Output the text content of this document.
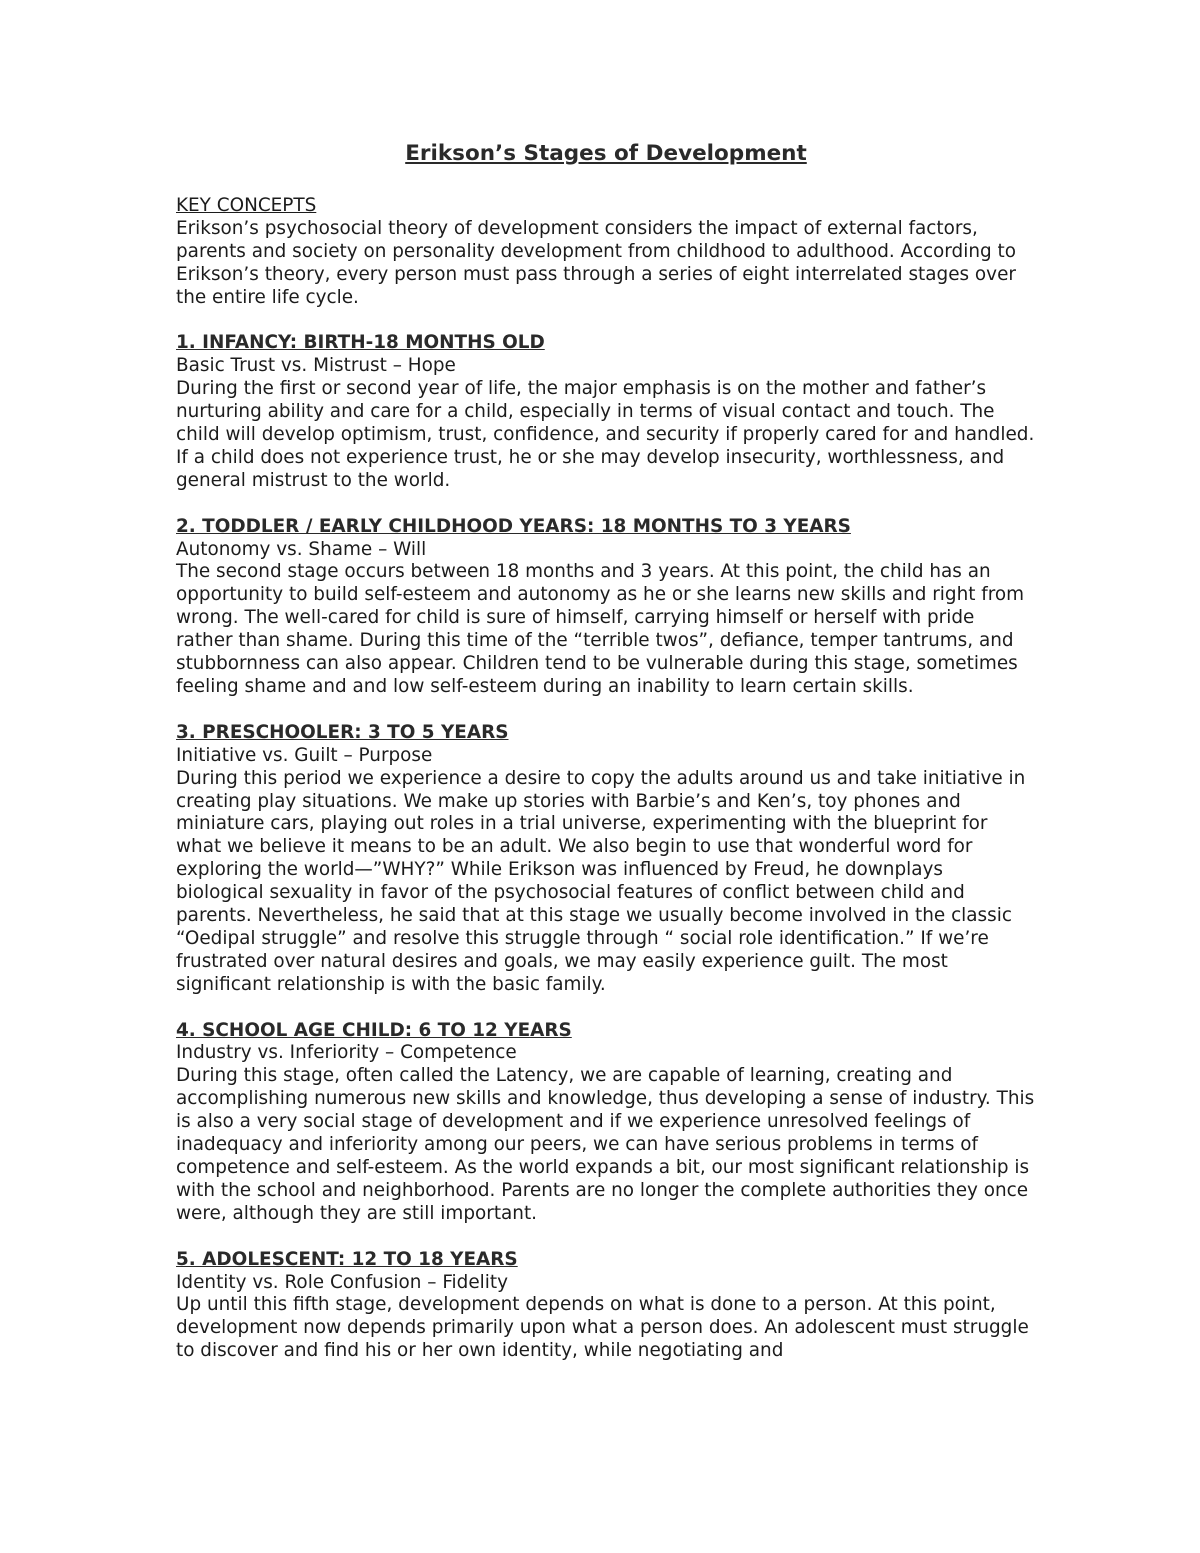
Erikson’s Stages of Development
KEY CONCEPTS

Erikson’s psychosocial theory of development considers the impact of external factors, parents and society on personality development from childhood to adulthood. According to Erikson’s theory, every person must pass through a series of eight interrelated stages over the entire life cycle.

1. INFANCY: BIRTH-18 MONTHS OLD
Basic Trust vs. Mistrust – Hope

During the first or second year of life, the major emphasis is on the mother and father’s nurturing ability and care for a child, especially in terms of visual contact and touch. The child will develop optimism, trust, confidence, and security if properly cared for and handled. If a child does not experience trust, he or she may develop insecurity, worthlessness, and general mistrust to the world.

2. TODDLER / EARLY CHILDHOOD YEARS: 18 MONTHS TO 3 YEARS
Autonomy vs. Shame – Will

The second stage occurs between 18 months and 3 years. At this point, the child has an opportunity to build self-esteem and autonomy as he or she learns new skills and right from wrong. The well-cared for child is sure of himself, carrying himself or herself with pride rather than shame. During this time of the “terrible twos”, defiance, temper tantrums, and stubbornness can also appear. Children tend to be vulnerable during this stage, sometimes feeling shame and and low self-esteem during an inability to learn certain skills.

3. PRESCHOOLER: 3 TO 5 YEARS
Initiative vs. Guilt – Purpose

During this period we experience a desire to copy the adults around us and take initiative in creating play situations. We make up stories with Barbie’s and Ken’s, toy phones and miniature cars, playing out roles in a trial universe, experimenting with the blueprint for what we believe it means to be an adult. We also begin to use that wonderful word for exploring the world—”WHY?” While Erikson was influenced by Freud, he downplays biological sexuality in favor of the psychosocial features of conflict between child and parents. Nevertheless, he said that at this stage we usually become involved in the classic “Oedipal struggle” and resolve this struggle through “ social role identification.” If we’re frustrated over natural desires and goals, we may easily experience guilt. The most significant relationship is with the basic family.

4. SCHOOL AGE CHILD: 6 TO 12 YEARS
Industry vs. Inferiority – Competence

During this stage, often called the Latency, we are capable of learning, creating and accomplishing numerous new skills and knowledge, thus developing a sense of industry. This is also a very social stage of development and if we experience unresolved feelings of inadequacy and inferiority among our peers, we can have serious problems in terms of competence and self-esteem. As the world expands a bit, our most significant relationship is with the school and neighborhood. Parents are no longer the complete authorities they once were, although they are still important.

5. ADOLESCENT: 12 TO 18 YEARS
Identity vs. Role Confusion – Fidelity

Up until this fifth stage, development depends on what is done to a person. At this point, development now depends primarily upon what a person does. An adolescent must struggle to discover and find his or her own identity, while negotiating and
